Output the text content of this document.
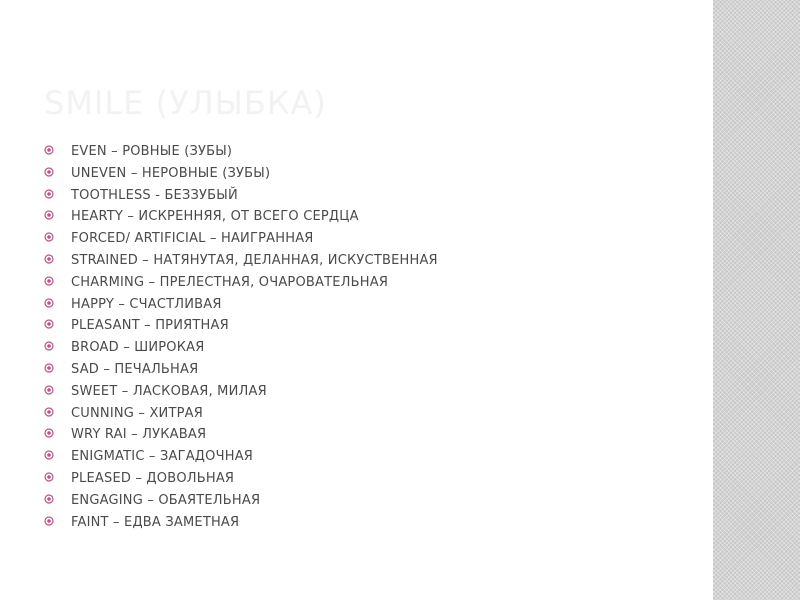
SMILE (УЛЫБКА)
EVEN – РОВНЫЕ (ЗУБЫ)
UNEVEN – НЕРОВНЫЕ (ЗУБЫ)
TOOTHLESS - БЕЗЗУБЫЙ
HEARTY – ИСКРЕННЯЯ, ОТ ВСЕГО СЕРДЦА
FORCED/ ARTIFICIAL – НАИГРАННАЯ
STRAINED – НАТЯНУТАЯ, ДЕЛАННАЯ, ИСКУСТВЕННАЯ
CHARMING – ПРЕЛЕСТНАЯ, ОЧАРОВАТЕЛЬНАЯ
HAPPY – СЧАСТЛИВАЯ
PLEASANT – ПРИЯТНАЯ
BROAD – ШИРОКАЯ
SAD – ПЕЧАЛЬНАЯ
SWEET – ЛАСКОВАЯ, МИЛАЯ
CUNNING – ХИТРАЯ
WRY RAI – ЛУКАВАЯ
ENIGMATIC – ЗАГАДОЧНАЯ
PLEASED – ДОВОЛЬНАЯ
ENGAGING – ОБАЯТЕЛЬНАЯ
FAINT – ЕДВА ЗАМЕТНАЯ
